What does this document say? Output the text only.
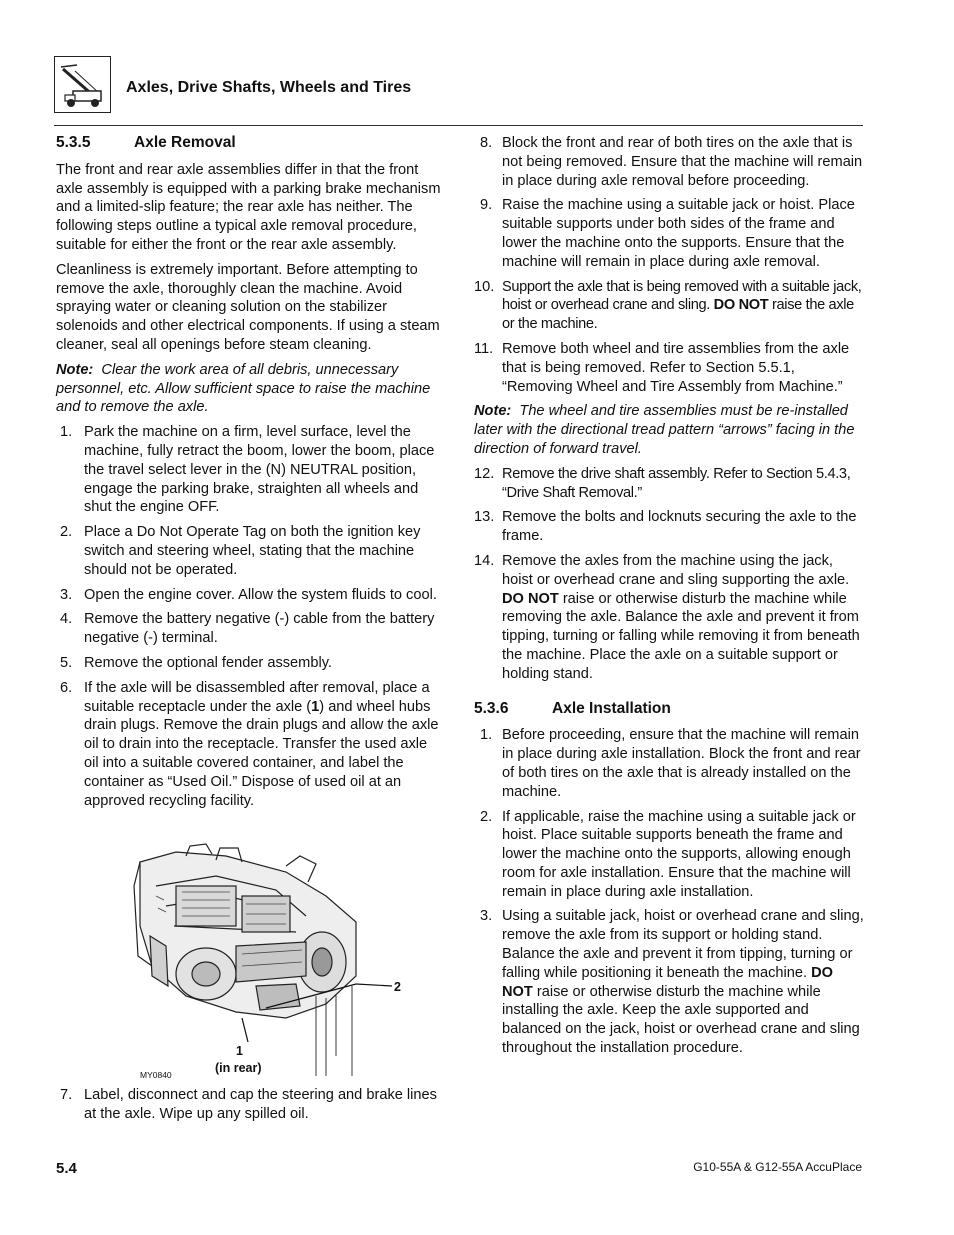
Axles, Drive Shafts, Wheels and Tires
5.3.5	Axle Removal

The front and rear axle assemblies differ in that the front axle assembly is equipped with a parking brake mechanism and a limited-slip feature; the rear axle has neither. The following steps outline a typical axle removal procedure, suitable for either the front or the rear axle assembly.

Cleanliness is extremely important. Before attempting to remove the axle, thoroughly clean the machine. Avoid spraying water or cleaning solution on the stabilizer solenoids and other electrical components. If using a steam cleaner, seal all openings before steam cleaning.

Note: Clear the work area of all debris, unnecessary personnel, etc. Allow sufficient space to raise the machine and to remove the axle.

1. Park the machine on a firm, level surface, level the machine, fully retract the boom, lower the boom, place the travel select lever in the (N) NEUTRAL position, engage the parking brake, straighten all wheels and shut the engine OFF.
2. Place a Do Not Operate Tag on both the ignition key switch and steering wheel, stating that the machine should not be operated.
3. Open the engine cover. Allow the system fluids to cool.
4. Remove the battery negative (-) cable from the battery negative (-) terminal.
5. Remove the optional fender assembly.
6. If the axle will be disassembled after removal, place a suitable receptacle under the axle (1) and wheel hubs drain plugs. Remove the drain plugs and allow the axle oil to drain into the receptacle. Transfer the used axle oil into a suitable covered container, and label the container as “Used Oil.” Dispose of used oil at an approved recycling facility.
1
(in rear)
2
MY0840
7. Label, disconnect and cap the steering and brake lines at the axle. Wipe up any spilled oil.
8. Block the front and rear of both tires on the axle that is not being removed. Ensure that the machine will remain in place during axle removal before proceeding.
9. Raise the machine using a suitable jack or hoist. Place suitable supports under both sides of the frame and lower the machine onto the supports. Ensure that the machine will remain in place during axle removal.
10. Support the axle that is being removed with a suitable jack, hoist or overhead crane and sling. DO NOT raise the axle or the machine.
11. Remove both wheel and tire assemblies from the axle that is being removed. Refer to Section 5.5.1, “Removing Wheel and Tire Assembly from Machine.”

Note: The wheel and tire assemblies must be re-installed later with the directional tread pattern “arrows” facing in the direction of forward travel.

12. Remove the drive shaft assembly. Refer to Section 5.4.3, “Drive Shaft Removal.”
13. Remove the bolts and locknuts securing the axle to the frame.
14. Remove the axles from the machine using the jack, hoist or overhead crane and sling supporting the axle. DO NOT raise or otherwise disturb the machine while removing the axle. Balance the axle and prevent it from tipping, turning or falling while removing it from beneath the machine. Place the axle on a suitable support or holding stand.
5.3.6	Axle Installation
1. Before proceeding, ensure that the machine will remain in place during axle installation. Block the front and rear of both tires on the axle that is already installed on the machine.
2. If applicable, raise the machine using a suitable jack or hoist. Place suitable supports beneath the frame and lower the machine onto the supports, allowing enough room for axle installation. Ensure that the machine will remain in place during axle installation.
3. Using a suitable jack, hoist or overhead crane and sling, remove the axle from its support or holding stand. Balance the axle and prevent it from tipping, turning or falling while positioning it beneath the machine. DO NOT raise or otherwise disturb the machine while installing the axle. Keep the axle supported and balanced on the jack, hoist or overhead crane and sling throughout the installation procedure.
5.4	G10-55A & G12-55A AccuPlace
